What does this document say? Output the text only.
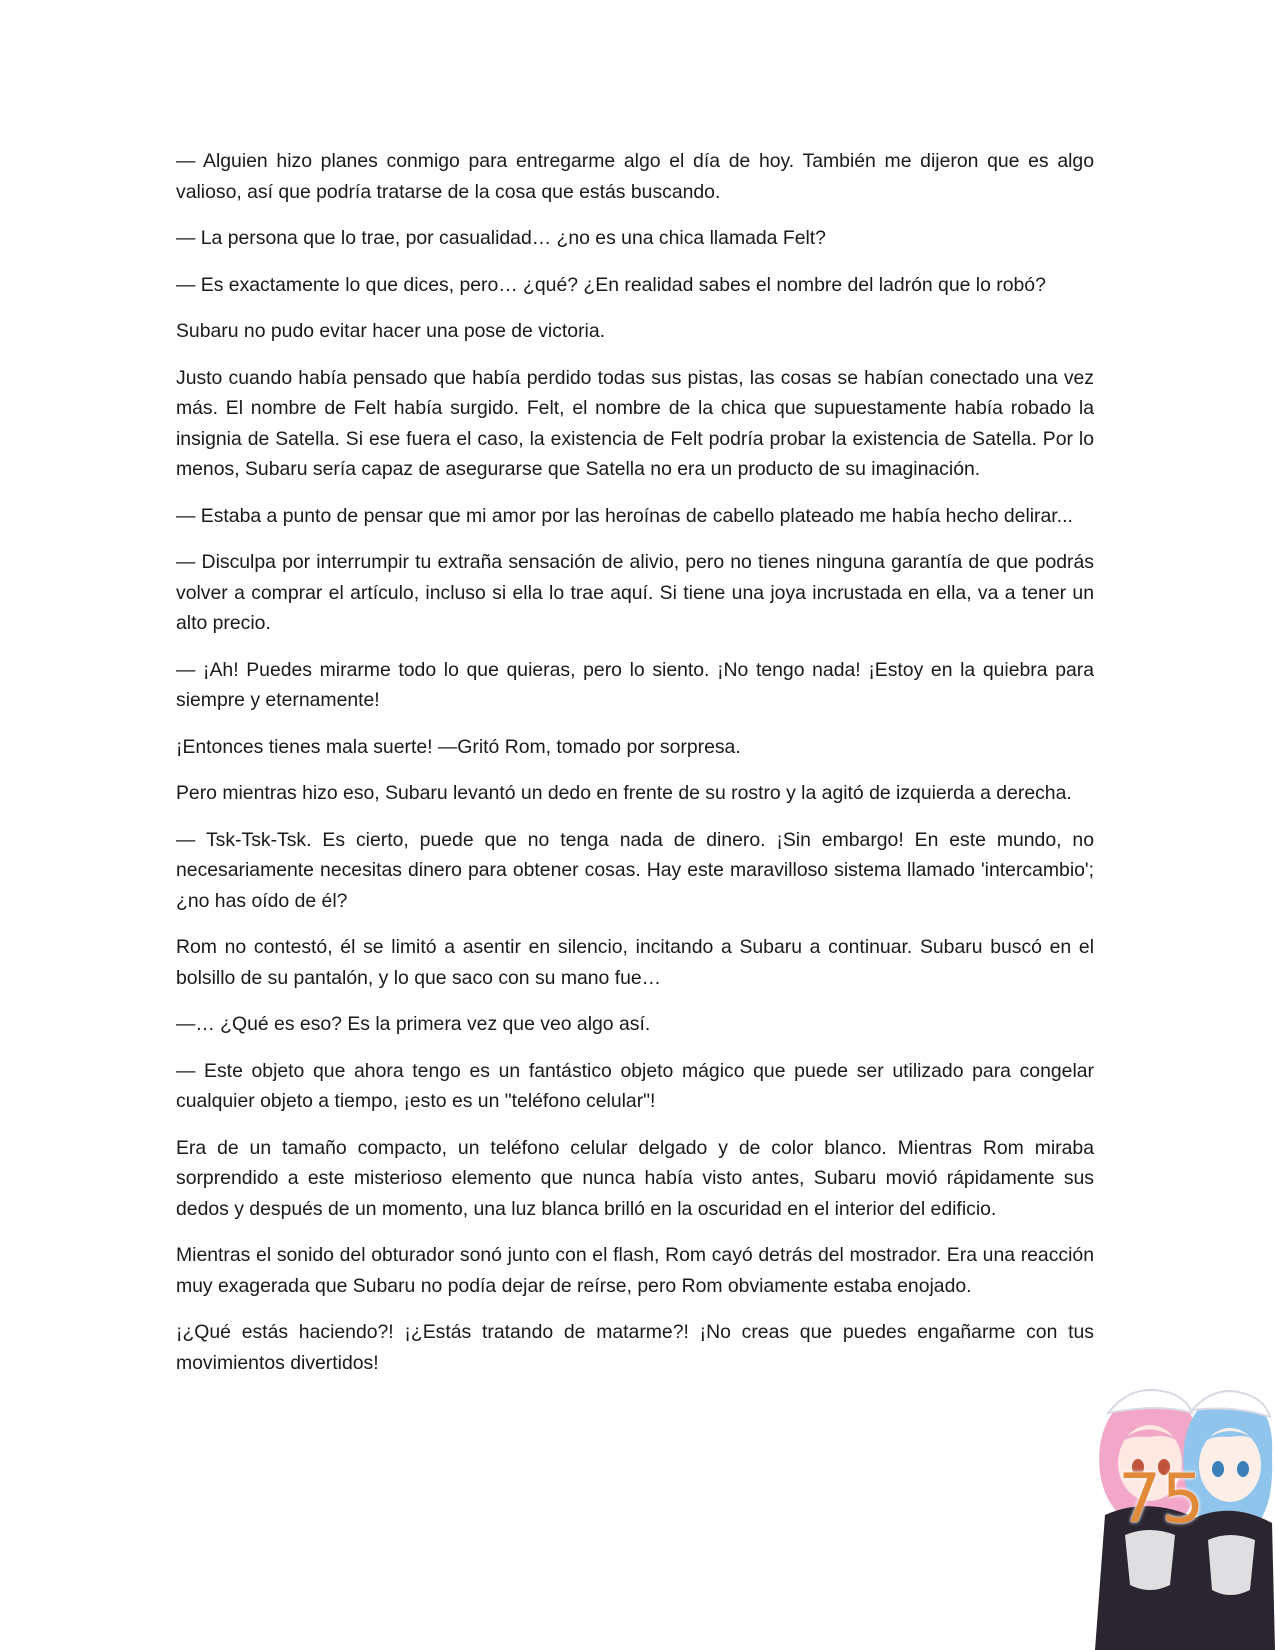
— Alguien hizo planes conmigo para entregarme algo el día de hoy. También me dijeron que es algo valioso, así que podría tratarse de la cosa que estás buscando.

— La persona que lo trae, por casualidad… ¿no es una chica llamada Felt?

— Es exactamente lo que dices, pero… ¿qué? ¿En realidad sabes el nombre del ladrón que lo robó?

Subaru no pudo evitar hacer una pose de victoria.

Justo cuando había pensado que había perdido todas sus pistas, las cosas se habían conectado una vez más. El nombre de Felt había surgido. Felt, el nombre de la chica que supuestamente había robado la insignia de Satella. Si ese fuera el caso, la existencia de Felt podría probar la existencia de Satella. Por lo menos, Subaru sería capaz de asegurarse que Satella no era un producto de su imaginación.

— Estaba a punto de pensar que mi amor por las heroínas de cabello plateado me había hecho delirar...

— Disculpa por interrumpir tu extraña sensación de alivio, pero no tienes ninguna garantía de que podrás volver a comprar el artículo, incluso si ella lo trae aquí. Si tiene una joya incrustada en ella, va a tener un alto precio.

— ¡Ah! Puedes mirarme todo lo que quieras, pero lo siento. ¡No tengo nada! ¡Estoy en la quiebra para siempre y eternamente!

¡Entonces tienes mala suerte! —Gritó Rom, tomado por sorpresa.

Pero mientras hizo eso, Subaru levantó un dedo en frente de su rostro y la agitó de izquierda a derecha.

— Tsk-Tsk-Tsk. Es cierto, puede que no tenga nada de dinero. ¡Sin embargo! En este mundo, no necesariamente necesitas dinero para obtener cosas. Hay este maravilloso sistema llamado 'intercambio'; ¿no has oído de él?

Rom no contestó, él se limitó a asentir en silencio, incitando a Subaru a continuar. Subaru buscó en el bolsillo de su pantalón, y lo que saco con su mano fue…

—… ¿Qué es eso? Es la primera vez que veo algo así.

— Este objeto que ahora tengo es un fantástico objeto mágico que puede ser utilizado para congelar cualquier objeto a tiempo, ¡esto es un "teléfono celular"!

Era de un tamaño compacto, un teléfono celular delgado y de color blanco. Mientras Rom miraba sorprendido a este misterioso elemento que nunca había visto antes, Subaru movió rápidamente sus dedos y después de un momento, una luz blanca brilló en la oscuridad en el interior del edificio.

Mientras el sonido del obturador sonó junto con el flash, Rom cayó detrás del mostrador. Era una reacción muy exagerada que Subaru no podía dejar de reírse, pero Rom obviamente estaba enojado.

¡¿Qué estás haciendo?! ¡¿Estás tratando de matarme?! ¡No creas que puedes engañarme con tus movimientos divertidos!

75
